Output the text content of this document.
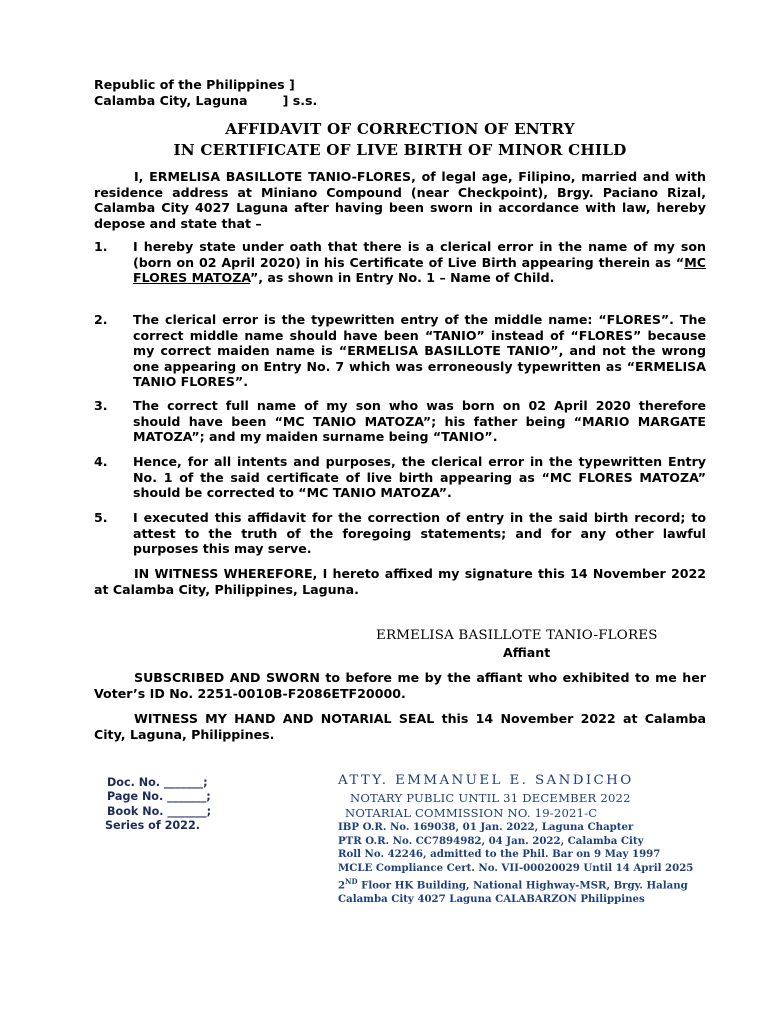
Republic of the Philippines ]
Calamba City, Laguna        ] s.s.
AFFIDAVIT OF CORRECTION OF ENTRY
IN CERTIFICATE OF LIVE BIRTH OF MINOR CHILD
I, ERMELISA BASILLOTE TANIO-FLORES, of legal age, Filipino, married and with residence address at Miniano Compound (near Checkpoint), Brgy. Paciano Rizal, Calamba City 4027 Laguna after having been sworn in accordance with law, hereby depose and state that –
1. I hereby state under oath that there is a clerical error in the name of my son (born on 02 April 2020) in his Certificate of Live Birth appearing therein as “MC FLORES MATOZA”, as shown in Entry No. 1 – Name of Child.
2. The clerical error is the typewritten entry of the middle name: “FLORES”. The correct middle name should have been “TANIO” instead of “FLORES” because my correct maiden name is “ERMELISA BASILLOTE TANIO”, and not the wrong one appearing on Entry No. 7 which was erroneously typewritten as “ERMELISA TANIO FLORES”.
3. The correct full name of my son who was born on 02 April 2020 therefore should have been “MC TANIO MATOZA”; his father being “MARIO MARGATE MATOZA”; and my maiden surname being “TANIO”.
4. Hence, for all intents and purposes, the clerical error in the typewritten Entry No. 1 of the said certificate of live birth appearing as “MC FLORES MATOZA” should be corrected to “MC TANIO MATOZA”.
5. I executed this affidavit for the correction of entry in the said birth record; to attest to the truth of the foregoing statements; and for any other lawful purposes this may serve.
IN WITNESS WHEREFORE, I hereto affixed my signature this 14 November 2022 at Calamba City, Philippines, Laguna.
ERMELISA BASILLOTE TANIO-FLORES
Affiant
SUBSCRIBED AND SWORN to before me by the affiant who exhibited to me her Voter’s ID No. 2251-0010B-F2086ETF20000.
WITNESS MY HAND AND NOTARIAL SEAL this 14 November 2022 at Calamba City, Laguna, Philippines.
Doc. No. _______;
Page No. _______;
Book No. _______;
Series of 2022.
ATTY. EMMANUEL E. SANDICHO
NOTARY PUBLIC UNTIL 31 DECEMBER 2022
NOTARIAL COMMISSION NO. 19-2021-C
IBP O.R. No. 169038, 01 Jan. 2022, Laguna Chapter
PTR O.R. No. CC7894982, 04 Jan. 2022, Calamba City
Roll No. 42246, admitted to the Phil. Bar on 9 May 1997
MCLE Compliance Cert. No. VII-00020029 Until 14 April 2025
2ND Floor HK Building, National Highway-MSR, Brgy. Halang
Calamba City 4027 Laguna CALABARZON Philippines
